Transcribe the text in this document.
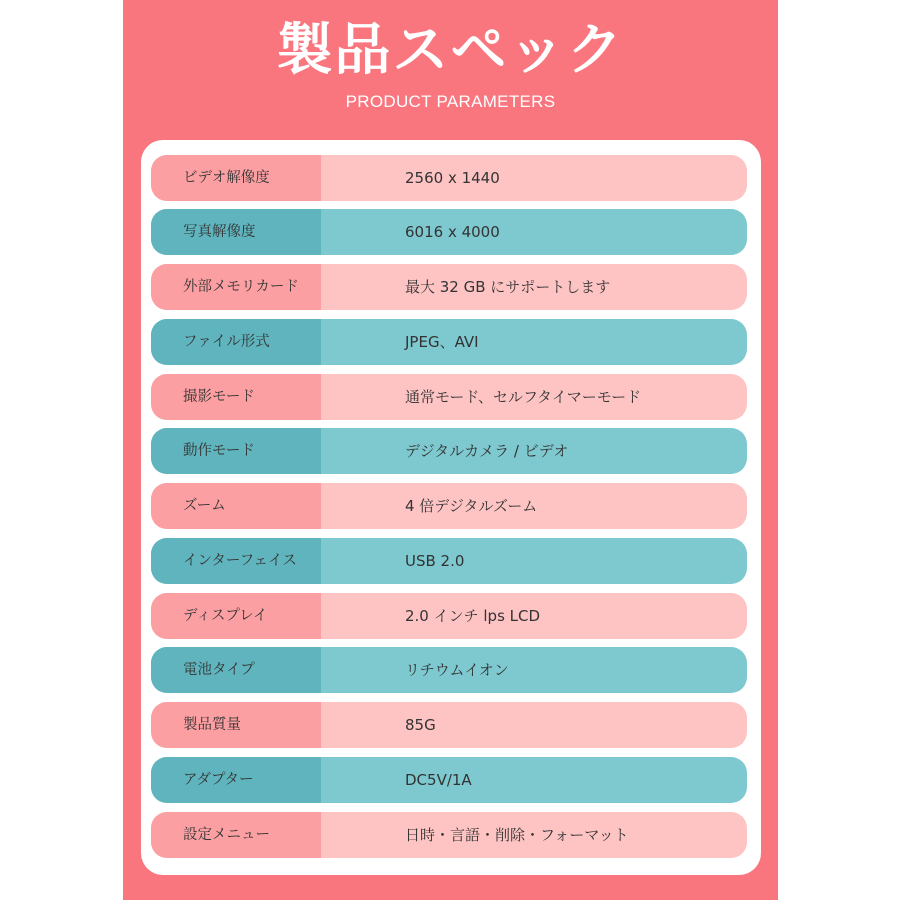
製品スペック
PRODUCT PARAMETERS
ビデオ解像度	2560 x 1440
写真解像度	6016 x 4000
外部メモリカード	最大 32 GB にサポートします
ファイル形式	JPEG、AVI
撮影モード	通常モード、セルフタイマーモード
動作モード	デジタルカメラ / ビデオ
ズーム	4 倍デジタルズーム
インターフェイス	USB 2.0
ディスプレイ	2.0 インチ lps LCD
電池タイプ	リチウムイオン
製品質量	85G
アダプター	DC5V/1A
設定メニュー	日時・言語・削除・フォーマット
